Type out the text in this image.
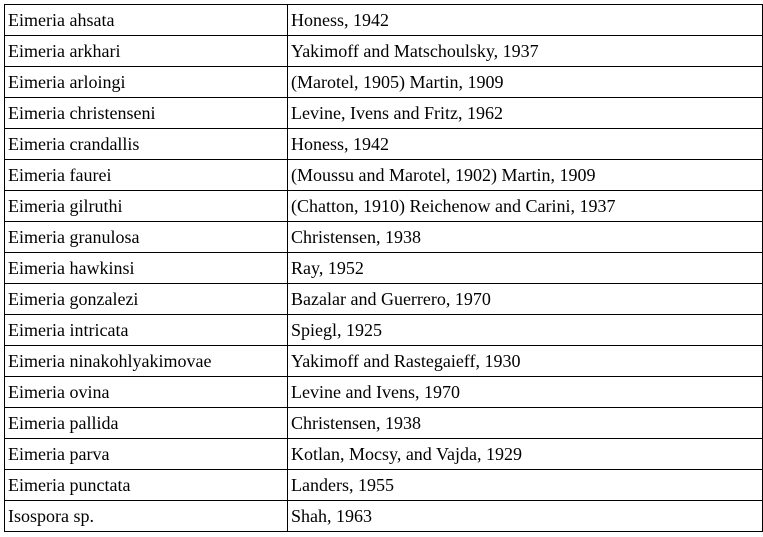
Eimeria ahsata	Honess, 1942
Eimeria arkhari	Yakimoff and Matschoulsky, 1937
Eimeria arloingi	(Marotel, 1905) Martin, 1909
Eimeria christenseni	Levine, Ivens and Fritz, 1962
Eimeria crandallis	Honess, 1942
Eimeria faurei	(Moussu and Marotel, 1902) Martin, 1909
Eimeria gilruthi	(Chatton, 1910) Reichenow and Carini, 1937
Eimeria granulosa	Christensen, 1938
Eimeria hawkinsi	Ray, 1952
Eimeria gonzalezi	Bazalar and Guerrero, 1970
Eimeria intricata	Spiegl, 1925
Eimeria ninakohlyakimovae	Yakimoff and Rastegaieff, 1930
Eimeria ovina	Levine and Ivens, 1970
Eimeria pallida	Christensen, 1938
Eimeria parva	Kotlan, Mocsy, and Vajda, 1929
Eimeria punctata	Landers, 1955
Isospora sp.	Shah, 1963
